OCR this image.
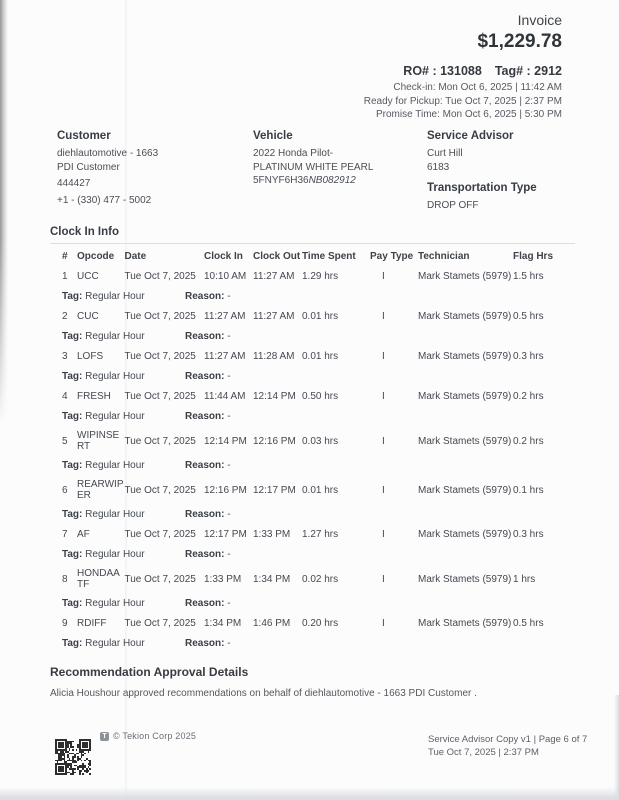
Invoice
$1,229.78
RO# : 131088 Tag# : 2912
Check-in: Mon Oct 6, 2025 | 11:42 AM
Ready for Pickup: Tue Oct 7, 2025 | 2:37 PM
Promise Time: Mon Oct 6, 2025 | 5:30 PM
Customer
diehlautomotive - 1663
PDI Customer
444427
+1 - (330) 477 - 5002
Vehicle
2022 Honda Pilot-
PLATINUM WHITE PEARL
5FNYF6H36NB082912
Service Advisor
Curt Hill
6183
Transportation Type
DROP OFF
Clock In Info
# Opcode	Date	Clock In	Clock Out Time Spent	Pay Type Technician	Flag Hrs
1 UCC	Tue Oct 7, 2025 10:10 AM 11:27 AM 1.29 hrs	I	Mark Stamets (5979) 1.5 hrs
Tag: Regular Hour	Reason: -
2 CUC	Tue Oct 7, 2025 11:27 AM 11:27 AM 0.01 hrs	I	Mark Stamets (5979) 0.5 hrs
Tag: Regular Hour	Reason: -
3 LOFS	Tue Oct 7, 2025 11:27 AM 11:28 AM 0.01 hrs	I	Mark Stamets (5979) 0.3 hrs
Tag: Regular Hour	Reason: -
4 FRESH	Tue Oct 7, 2025 11:44 AM 12:14 PM 0.50 hrs	I	Mark Stamets (5979) 0.2 hrs
Tag: Regular Hour	Reason: -
5 WIPINSERT	Tue Oct 7, 2025 12:14 PM 12:16 PM 0.03 hrs	I	Mark Stamets (5979) 0.2 hrs
Tag: Regular Hour	Reason: -
6 REARWIPER	Tue Oct 7, 2025 12:16 PM 12:17 PM 0.01 hrs	I	Mark Stamets (5979) 0.1 hrs
Tag: Regular Hour	Reason: -
7 AF	Tue Oct 7, 2025 12:17 PM 1:33 PM	1.27 hrs	I	Mark Stamets (5979) 0.3 hrs
Tag: Regular Hour	Reason: -
8 HONDAATF	Tue Oct 7, 2025 1:33 PM	1:34 PM	0.02 hrs	I	Mark Stamets (5979) 1 hrs
Tag: Regular Hour	Reason: -
9 RDIFF	Tue Oct 7, 2025 1:34 PM	1:46 PM	0.20 hrs	I	Mark Stamets (5979) 0.5 hrs
Tag: Regular Hour	Reason: -
Recommendation Approval Details
Alicia Houshour approved recommendations on behalf of diehlautomotive - 1663 PDI Customer .
T © Tekion Corp 2025	Service Advisor Copy v1 | Page 6 of 7
Tue Oct 7, 2025 | 2:37 PM
